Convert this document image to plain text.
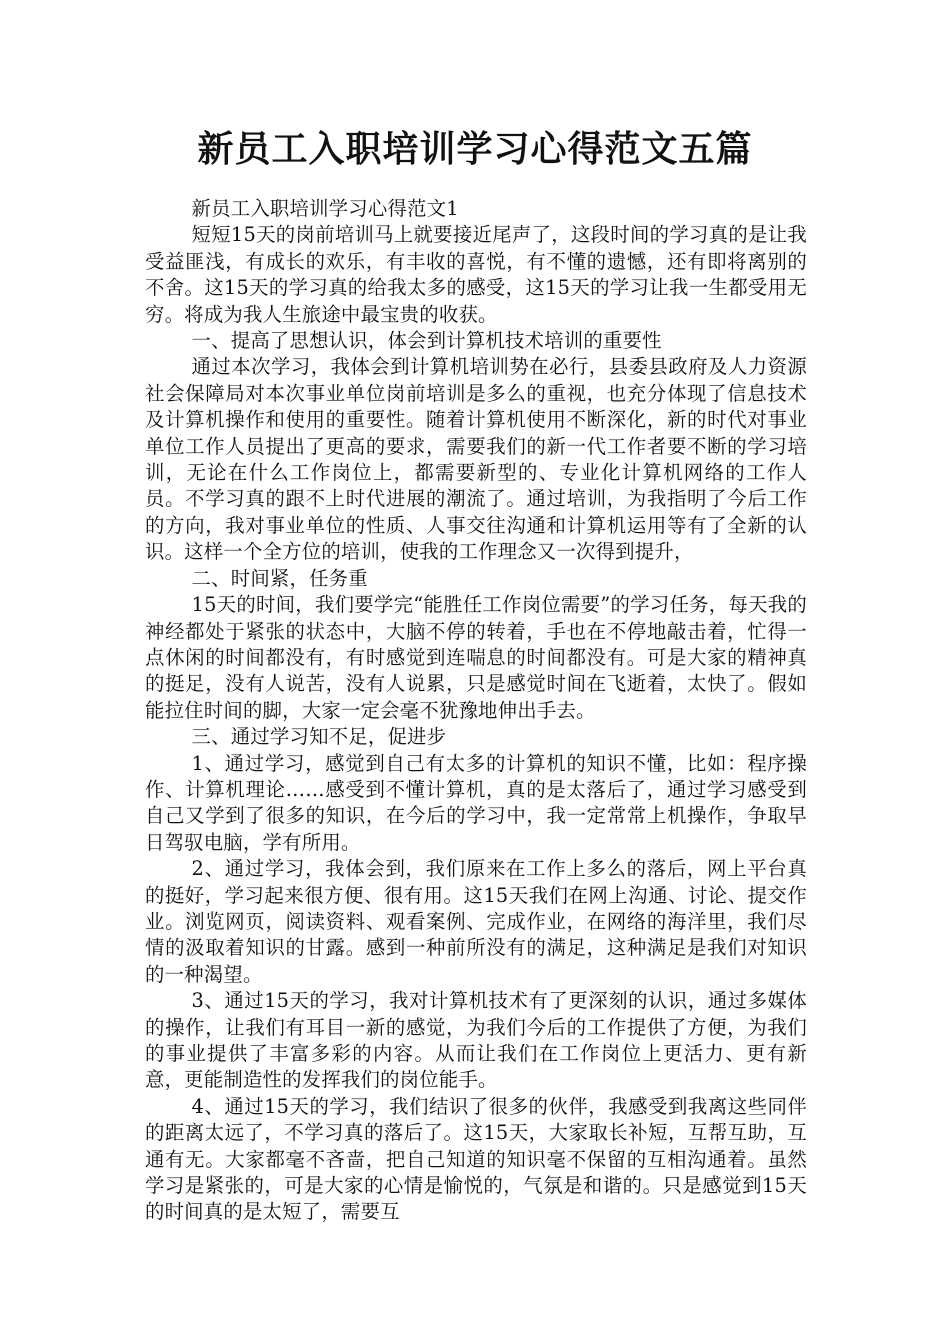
新员工入职培训学习心得范文五篇

新员工入职培训学习心得范文1

短短15天的岗前培训马上就要接近尾声了，这段时间的学习真的是让我受益匪浅，有成长的欢乐，有丰收的喜悦，有不懂的遗憾，还有即将离别的不舍。这15天的学习真的给我太多的感受，这15天的学习让我一生都受用无穷。将成为我人生旅途中最宝贵的收获。

一、提高了思想认识，体会到计算机技术培训的重要性

通过本次学习，我体会到计算机培训势在必行，县委县政府及人力资源社会保障局对本次事业单位岗前培训是多么的重视，也充分体现了信息技术及计算机操作和使用的重要性。随着计算机使用不断深化，新的时代对事业单位工作人员提出了更高的要求，需要我们的新一代工作者要不断的学习培训，无论在什么工作岗位上，都需要新型的、专业化计算机网络的工作人员。不学习真的跟不上时代进展的潮流了。通过培训，为我指明了今后工作的方向，我对事业单位的性质、人事交往沟通和计算机运用等有了全新的认识。这样一个全方位的培训，使我的工作理念又一次得到提升，

二、时间紧，任务重

15天的时间，我们要学完“能胜任工作岗位需要”的学习任务，每天我的神经都处于紧张的状态中，大脑不停的转着，手也在不停地敲击着，忙得一点休闲的时间都没有，有时感觉到连喘息的时间都没有。可是大家的精神真的挺足，没有人说苦，没有人说累，只是感觉时间在飞逝着，太快了。假如能拉住时间的脚，大家一定会毫不犹豫地伸出手去。

三、通过学习知不足，促进步

1、通过学习，感觉到自己有太多的计算机的知识不懂，比如：程序操作、计算机理论……感受到不懂计算机，真的是太落后了，通过学习感受到自己又学到了很多的知识，在今后的学习中，我一定常常上机操作，争取早日驾驭电脑，学有所用。

2、通过学习，我体会到，我们原来在工作上多么的落后，网上平台真的挺好，学习起来很方便、很有用。这15天我们在网上沟通、讨论、提交作业。浏览网页，阅读资料、观看案例、完成作业，在网络的海洋里，我们尽情的汲取着知识的甘露。感到一种前所没有的满足，这种满足是我们对知识的一种渴望。

3、通过15天的学习，我对计算机技术有了更深刻的认识，通过多媒体的操作，让我们有耳目一新的感觉，为我们今后的工作提供了方便，为我们的事业提供了丰富多彩的内容。从而让我们在工作岗位上更活力、更有新意，更能制造性的发挥我们的岗位能手。

4、通过15天的学习，我们结识了很多的伙伴，我感受到我离这些同伴的距离太远了，不学习真的落后了。这15天，大家取长补短，互帮互助，互通有无。大家都毫不吝啬，把自己知道的知识毫不保留的互相沟通着。虽然学习是紧张的，可是大家的心情是愉悦的，气氛是和谐的。只是感觉到15天的时间真的是太短了，需要互
